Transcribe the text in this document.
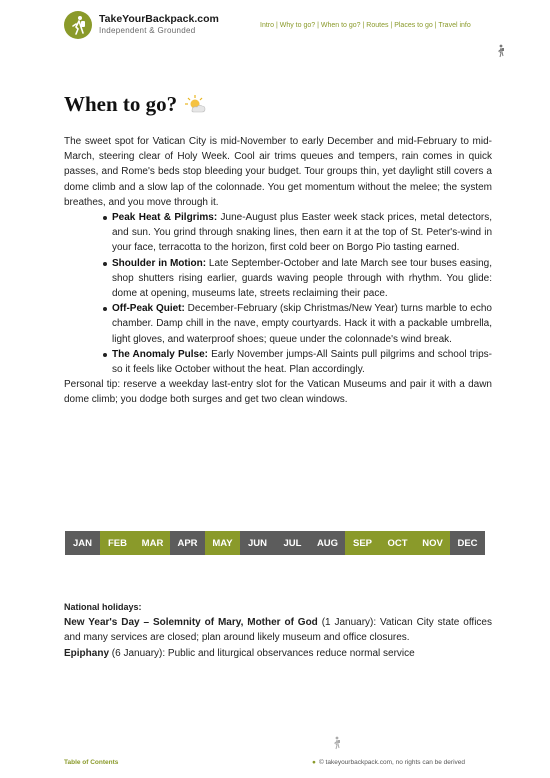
TakeYourBackpack.com
Independent & Grounded
Intro | Why to go? | When to go? | Routes | Places to go | Travel info
When to go?

The sweet spot for Vatican City is mid-November to early December and mid-February to mid-March, steering clear of Holy Week. Cool air trims queues and tempers, rain comes in quick passes, and Rome's beds stop bleeding your budget. Tour groups thin, yet daylight still covers a dome climb and a slow lap of the colonnade. You get momentum without the melee; the system breathes, and you move through it.

Peak Heat & Pilgrims: June-August plus Easter week stack prices, metal detectors, and sun. You grind through snaking lines, then earn it at the top of St. Peter's-wind in your face, terracotta to the horizon, first cold beer on Borgo Pio tasting earned.
Shoulder in Motion: Late September-October and late March see tour buses easing, shop shutters rising earlier, guards waving people through with rhythm. You glide: dome at opening, museums late, streets reclaiming their pace.
Off-Peak Quiet: December-February (skip Christmas/New Year) turns marble to echo chamber. Damp chill in the nave, empty courtyards. Hack it with a packable umbrella, light gloves, and waterproof shoes; queue under the colonnade's wind break.
The Anomaly Pulse: Early November jumps-All Saints pull pilgrims and school trips-so it feels like October without the heat. Plan accordingly.

Personal tip: reserve a weekday last-entry slot for the Vatican Museums and pair it with a dawn dome climb; you dodge both surges and get two clean windows.

JAN	FEB	MAR	APR	MAY	JUN	JUL	AUG	SEP	OCT	NOV	DEC
National holidays:

New Year's Day – Solemnity of Mary, Mother of God (1 January): Vatican City state offices and many services are closed; plan around likely museum and office closures.

Epiphany (6 January): Public and liturgical observances reduce normal service

Table of Contents	● © takeyourbackpack.com, no rights can be derived
